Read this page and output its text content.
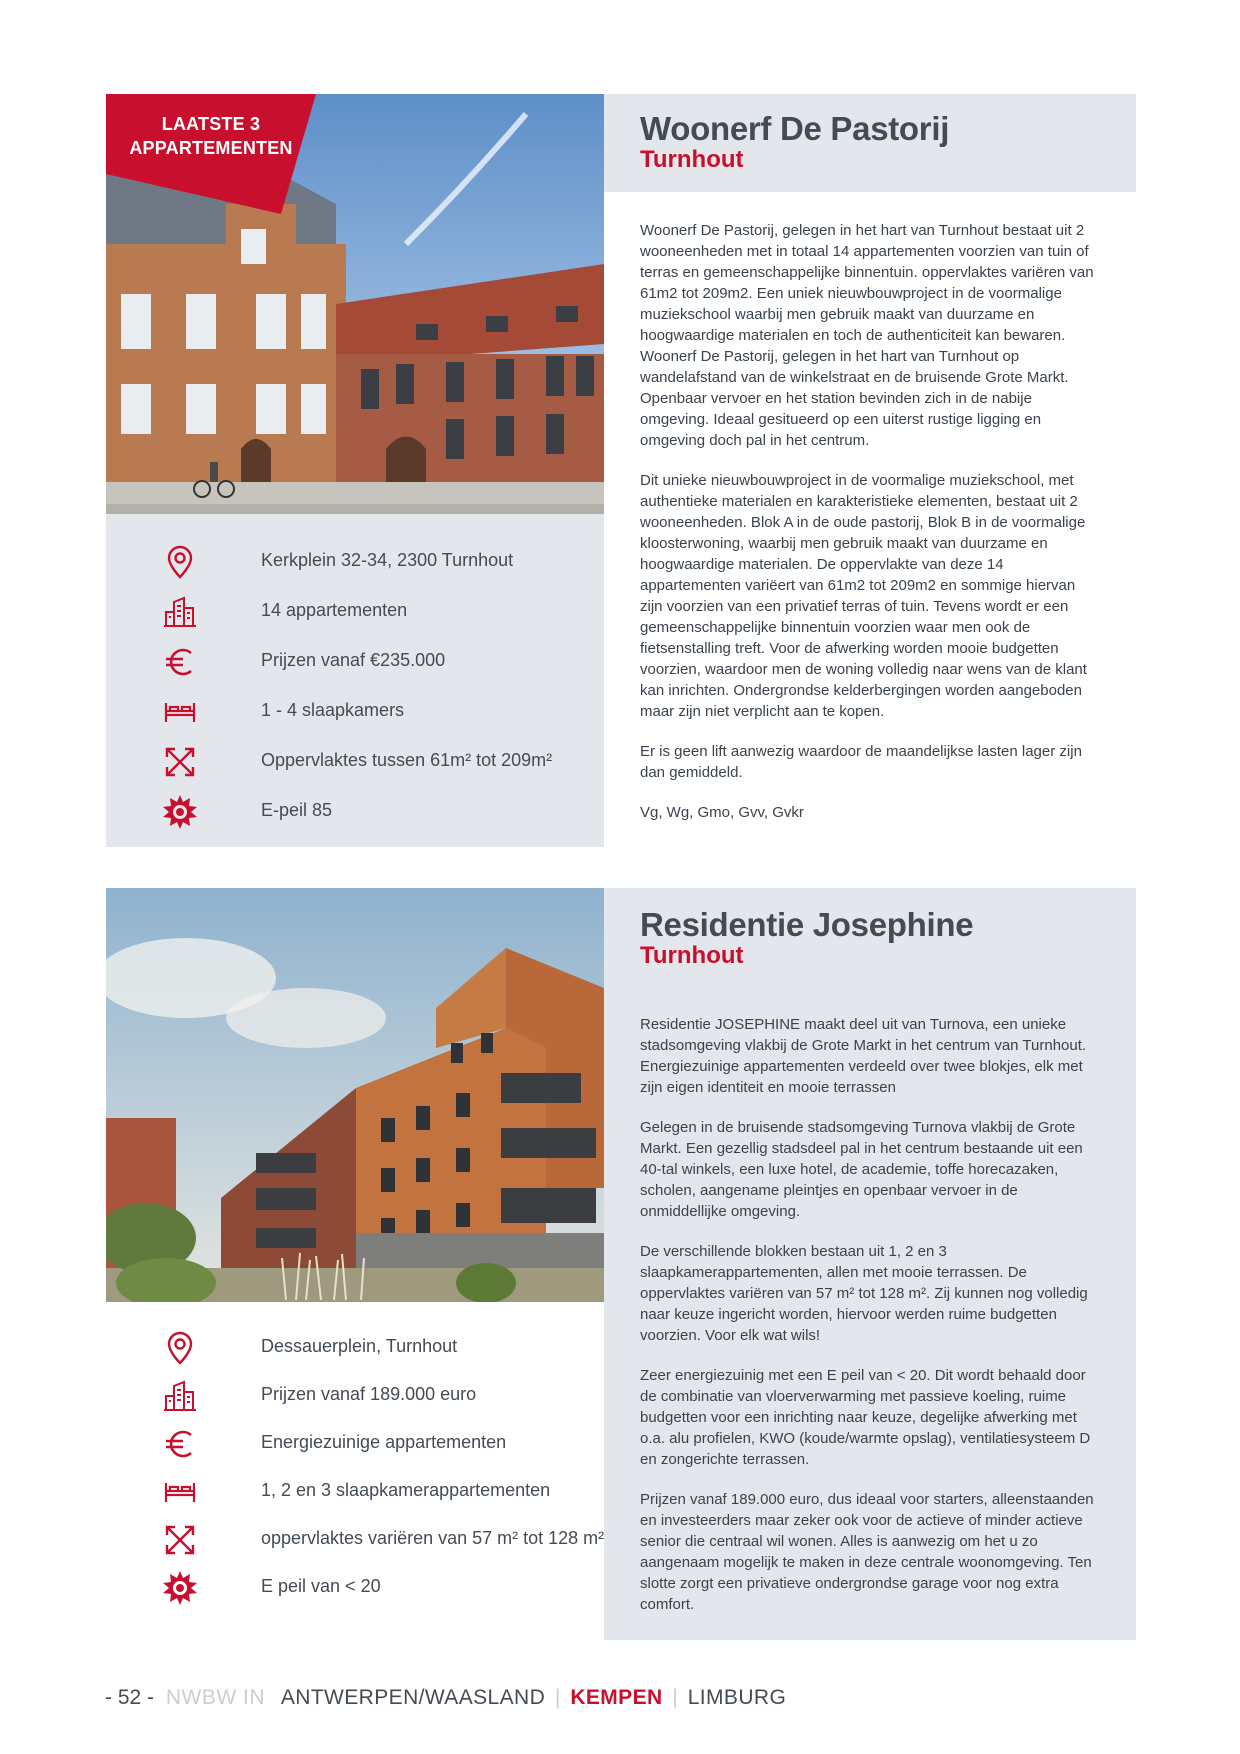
LAATSTE 3
APPARTEMENTEN
Woonerf De Pastorij
Turnhout

Woonerf De Pastorij, gelegen in het hart van Turnhout bestaat uit 2 wooneenheden met in totaal 14 appartementen voorzien van tuin of terras en gemeenschappelijke binnentuin. oppervlaktes variëren van 61m2 tot 209m2. Een uniek nieuwbouwproject in de voormalige muziekschool waarbij men gebruik maakt van duurzame en hoogwaardige materialen en toch de authenticiteit kan bewaren. Woonerf De Pastorij, gelegen in het hart van Turnhout op wandelafstand van de winkelstraat en de bruisende Grote Markt. Openbaar vervoer en het station bevinden zich in de nabije omgeving. Ideaal gesitueerd op een uiterst rustige ligging en omgeving doch pal in het centrum.

Dit unieke nieuwbouwproject in de voormalige muziekschool, met authentieke materialen en karakteristieke elementen, bestaat uit 2 wooneenheden. Blok A in de oude pastorij, Blok B in de voormalige kloosterwoning, waarbij men gebruik maakt van duurzame en hoogwaardige materialen. De oppervlakte van deze 14 appartementen variëert van 61m2 tot 209m2 en sommige hiervan zijn voorzien van een privatief terras of tuin. Tevens wordt er een gemeenschappelijke binnentuin voorzien waar men ook de fietsenstalling treft. Voor de afwerking worden mooie budgetten voorzien, waardoor men de woning volledig naar wens van de klant kan inrichten. Ondergrondse kelderbergingen worden aangeboden maar zijn niet verplicht aan te kopen.

Er is geen lift aanwezig waardoor de maandelijkse lasten lager zijn dan gemiddeld.

Vg, Wg, Gmo, Gvv, Gvkr

Kerkplein 32-34, 2300 Turnhout
14 appartementen
Prijzen vanaf €235.000
1 - 4 slaapkamers
Oppervlaktes tussen 61m² tot 209m²
E-peil 85
Residentie Josephine
Turnhout

Residentie JOSEPHINE maakt deel uit van Turnova, een unieke stadsomgeving vlakbij de Grote Markt in het centrum van Turnhout. Energiezuinige appartementen verdeeld over twee blokjes, elk met zijn eigen identiteit en mooie terrassen

Gelegen in de bruisende stadsomgeving Turnova vlakbij de Grote Markt. Een gezellig stadsdeel pal in het centrum bestaande uit een 40-tal winkels, een luxe hotel, de academie, toffe horecazaken, scholen, aangename pleintjes en openbaar vervoer in de onmiddellijke omgeving.

De verschillende blokken bestaan uit 1, 2 en 3 slaapkamerappartementen, allen met mooie terrassen. De oppervlaktes variëren van 57 m² tot 128 m². Zij kunnen nog volledig naar keuze ingericht worden, hiervoor werden ruime budgetten voorzien. Voor elk wat wils!

Zeer energiezuinig met een E peil van < 20. Dit wordt behaald door de combinatie van vloerverwarming met passieve koeling, ruime budgetten voor een inrichting naar keuze, degelijke afwerking met o.a. alu profielen, KWO (koude/warmte opslag), ventilatiesysteem D en zongerichte terrassen.

Prijzen vanaf 189.000 euro, dus ideaal voor starters, alleenstaanden en investeerders maar zeker ook voor de actieve of minder actieve senior die centraal wil wonen. Alles is aanwezig om het u zo aangenaam mogelijk te maken in deze centrale woonomgeving. Ten slotte zorgt een privatieve ondergrondse garage voor nog extra comfort.

Dessauerplein, Turnhout
Prijzen vanaf 189.000 euro
Energiezuinige appartementen
1, 2 en 3 slaapkamerappartementen
oppervlaktes variëren van 57 m² tot 128 m²
E peil van < 20
- 52 - NWBW IN ANTWERPEN/WAASLAND | KEMPEN | LIMBURG
